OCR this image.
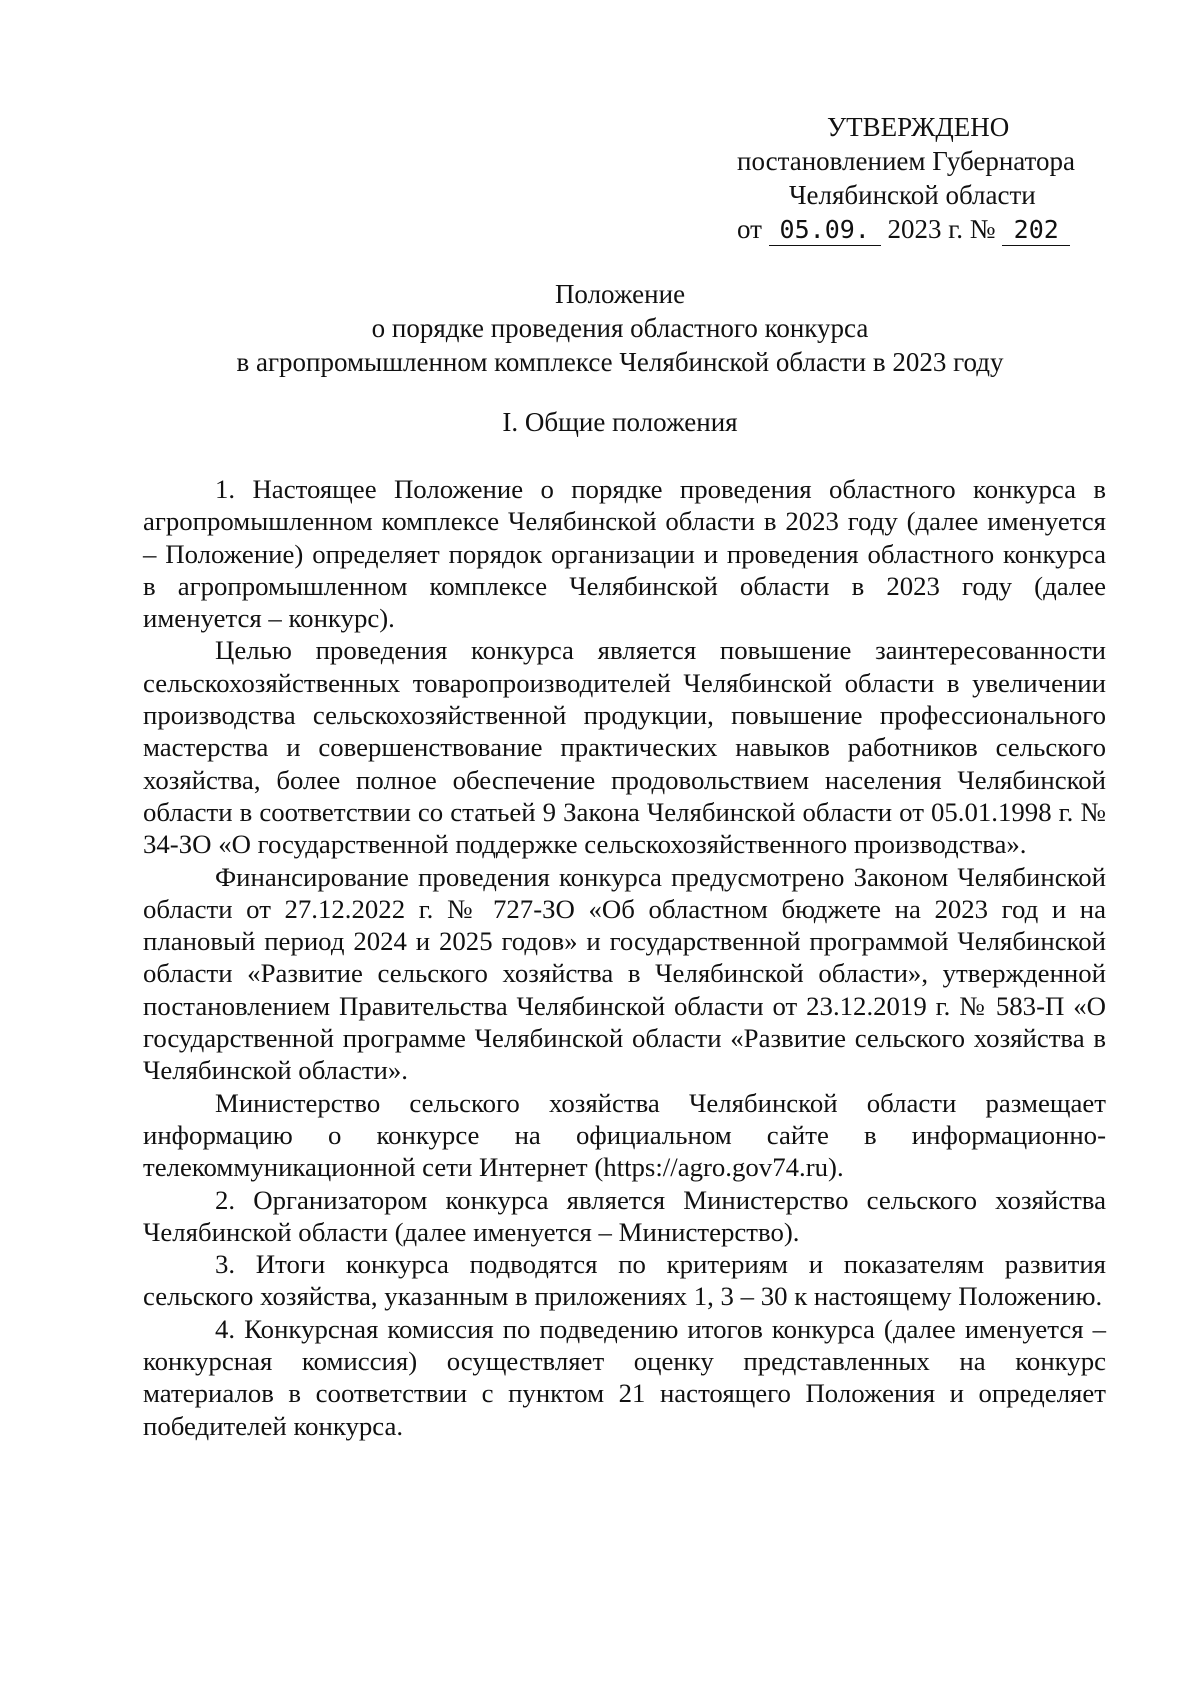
УТВЕРЖДЕНО
постановлением Губернатора
Челябинской области
от 05.09. 2023 г. № 202
Положение
о порядке проведения областного конкурса
в агропромышленном комплексе Челябинской области в 2023 году
I. Общие положения

1. Настоящее Положение о порядке проведения областного конкурса в агропромышленном комплексе Челябинской области в 2023 году (далее именуется – Положение) определяет порядок организации и проведения областного конкурса в агропромышленном комплексе Челябинской области в 2023 году (далее именуется – конкурс).

Целью проведения конкурса является повышение заинтересованности сельскохозяйственных товаропроизводителей Челябинской области в увеличении производства сельскохозяйственной продукции, повышение профессионального мастерства и совершенствование практических навыков работников сельского хозяйства, более полное обеспечение продовольствием населения Челябинской области в соответствии со статьей 9 Закона Челябинской области от 05.01.1998 г. № 34-ЗО «О государственной поддержке сельскохозяйственного производства».

Финансирование проведения конкурса предусмотрено Законом Челябинской области от 27.12.2022 г. № 727-ЗО «Об областном бюджете на 2023 год и на плановый период 2024 и 2025 годов» и государственной программой Челябинской области «Развитие сельского хозяйства в Челябинской области», утвержденной постановлением Правительства Челябинской области от 23.12.2019 г. № 583-П «О государственной программе Челябинской области «Развитие сельского хозяйства в Челябинской области».

Министерство сельского хозяйства Челябинской области размещает информацию о конкурсе на официальном сайте в информационно-телекоммуникационной сети Интернет (https://agro.gov74.ru).

2. Организатором конкурса является Министерство сельского хозяйства Челябинской области (далее именуется – Министерство).

3. Итоги конкурса подводятся по критериям и показателям развития сельского хозяйства, указанным в приложениях 1, 3 – 30 к настоящему Положению.

4. Конкурсная комиссия по подведению итогов конкурса (далее именуется – конкурсная комиссия) осуществляет оценку представленных на конкурс материалов в соответствии с пунктом 21 настоящего Положения и определяет победителей конкурса.
